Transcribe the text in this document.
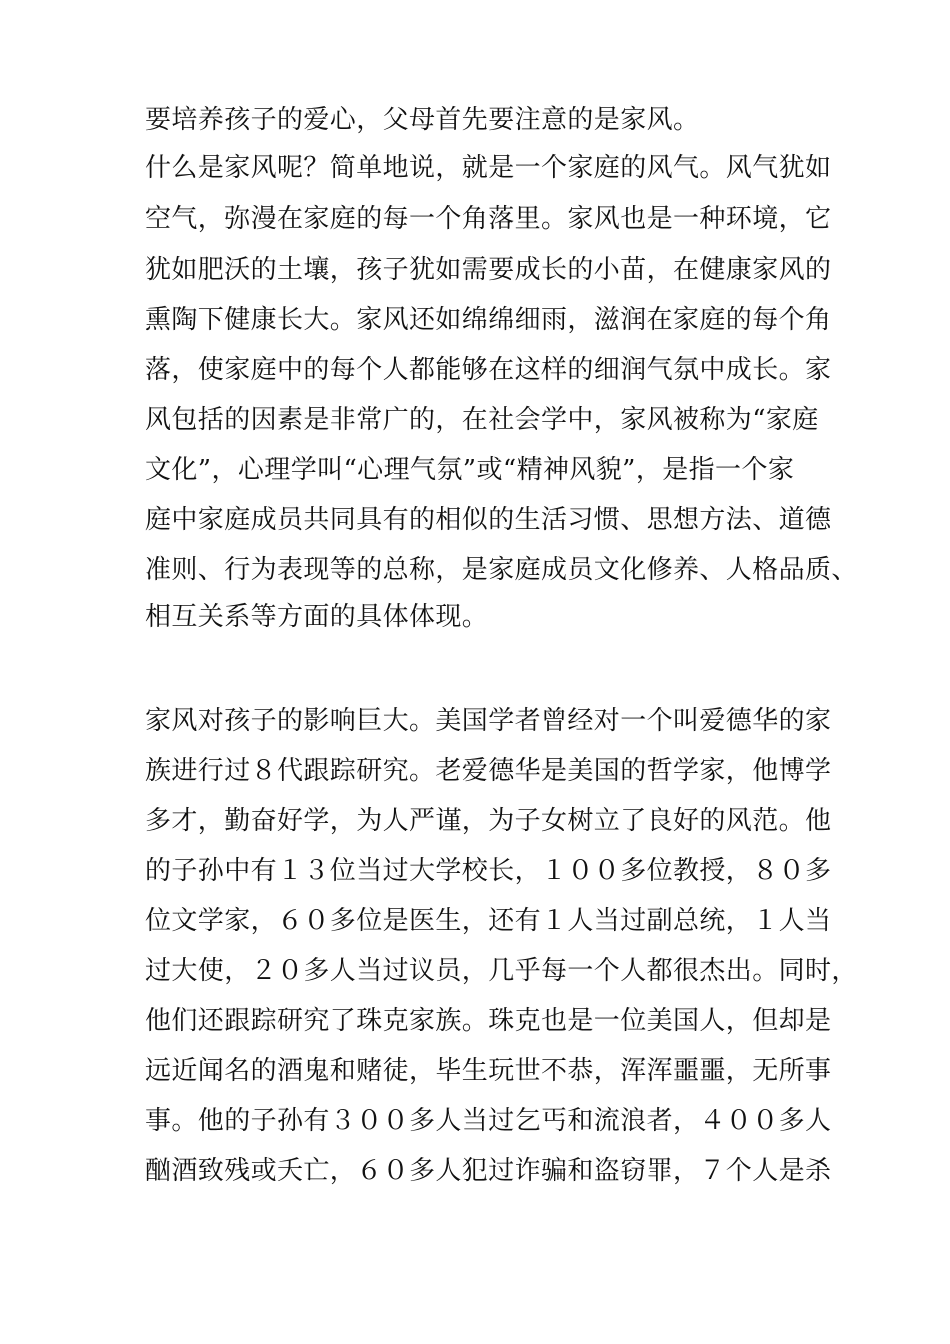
要培养孩子的爱心，父母首先要注意的是家风。
什么是家风呢？简单地说，就是一个家庭的风气。风气犹如
空气，弥漫在家庭的每一个角落里。家风也是一种环境，它
犹如肥沃的土壤，孩子犹如需要成长的小苗，在健康家风的
熏陶下健康长大。家风还如绵绵细雨，滋润在家庭的每个角
落，使家庭中的每个人都能够在这样的细润气氛中成长。家
风包括的因素是非常广的，在社会学中，家风被称为“家庭
文化”，心理学叫“心理气氛”或“精神风貌”，是指一个家
庭中家庭成员共同具有的相似的生活习惯、思想方法、道德
准则、行为表现等的总称，是家庭成员文化修养、人格品质、
相互关系等方面的具体体现。
家风对孩子的影响巨大。美国学者曾经对一个叫爱德华的家
族进行过８代跟踪研究。老爱德华是美国的哲学家，他博学
多才，勤奋好学，为人严谨，为子女树立了良好的风范。他
的子孙中有１３位当过大学校长，１００多位教授，８０多
位文学家，６０多位是医生，还有１人当过副总统，１人当
过大使，２０多人当过议员，几乎每一个人都很杰出。同时，
他们还跟踪研究了珠克家族。珠克也是一位美国人，但却是
远近闻名的酒鬼和赌徒，毕生玩世不恭，浑浑噩噩，无所事
事。他的子孙有３００多人当过乞丐和流浪者，４００多人
酗酒致残或夭亡，６０多人犯过诈骗和盗窃罪，７个人是杀
